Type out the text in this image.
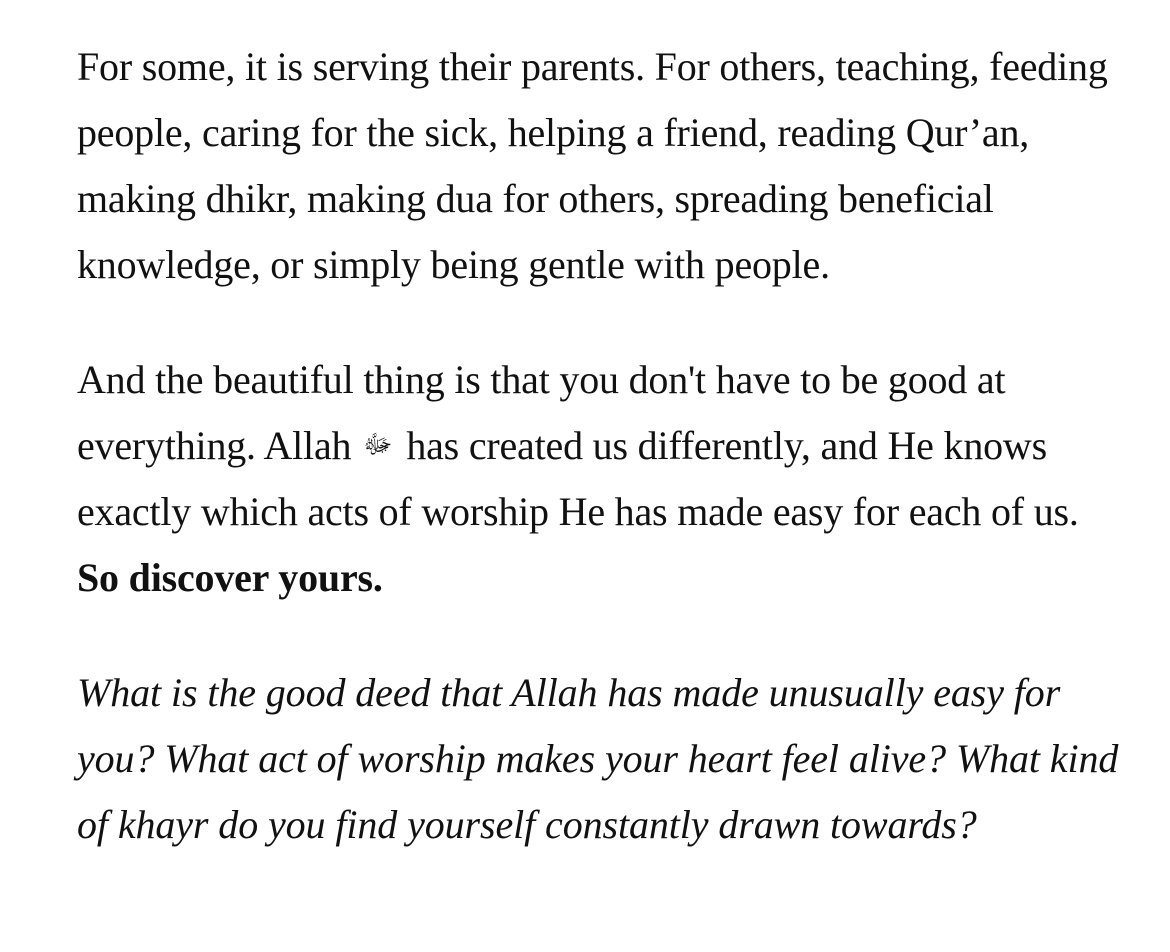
For some, it is serving their parents. For others, teaching, feeding people, caring for the sick, helping a friend, reading Qur’an, making dhikr, making dua for others, spreading beneficial knowledge, or simply being gentle with people.

And the beautiful thing is that you don't have to be good at everything. Allah ﷻ has created us differently, and He knows exactly which acts of worship He has made easy for each of us. So discover yours.

What is the good deed that Allah has made unusually easy for you? What act of worship makes your heart feel alive? What kind of khayr do you find yourself constantly drawn towards?
